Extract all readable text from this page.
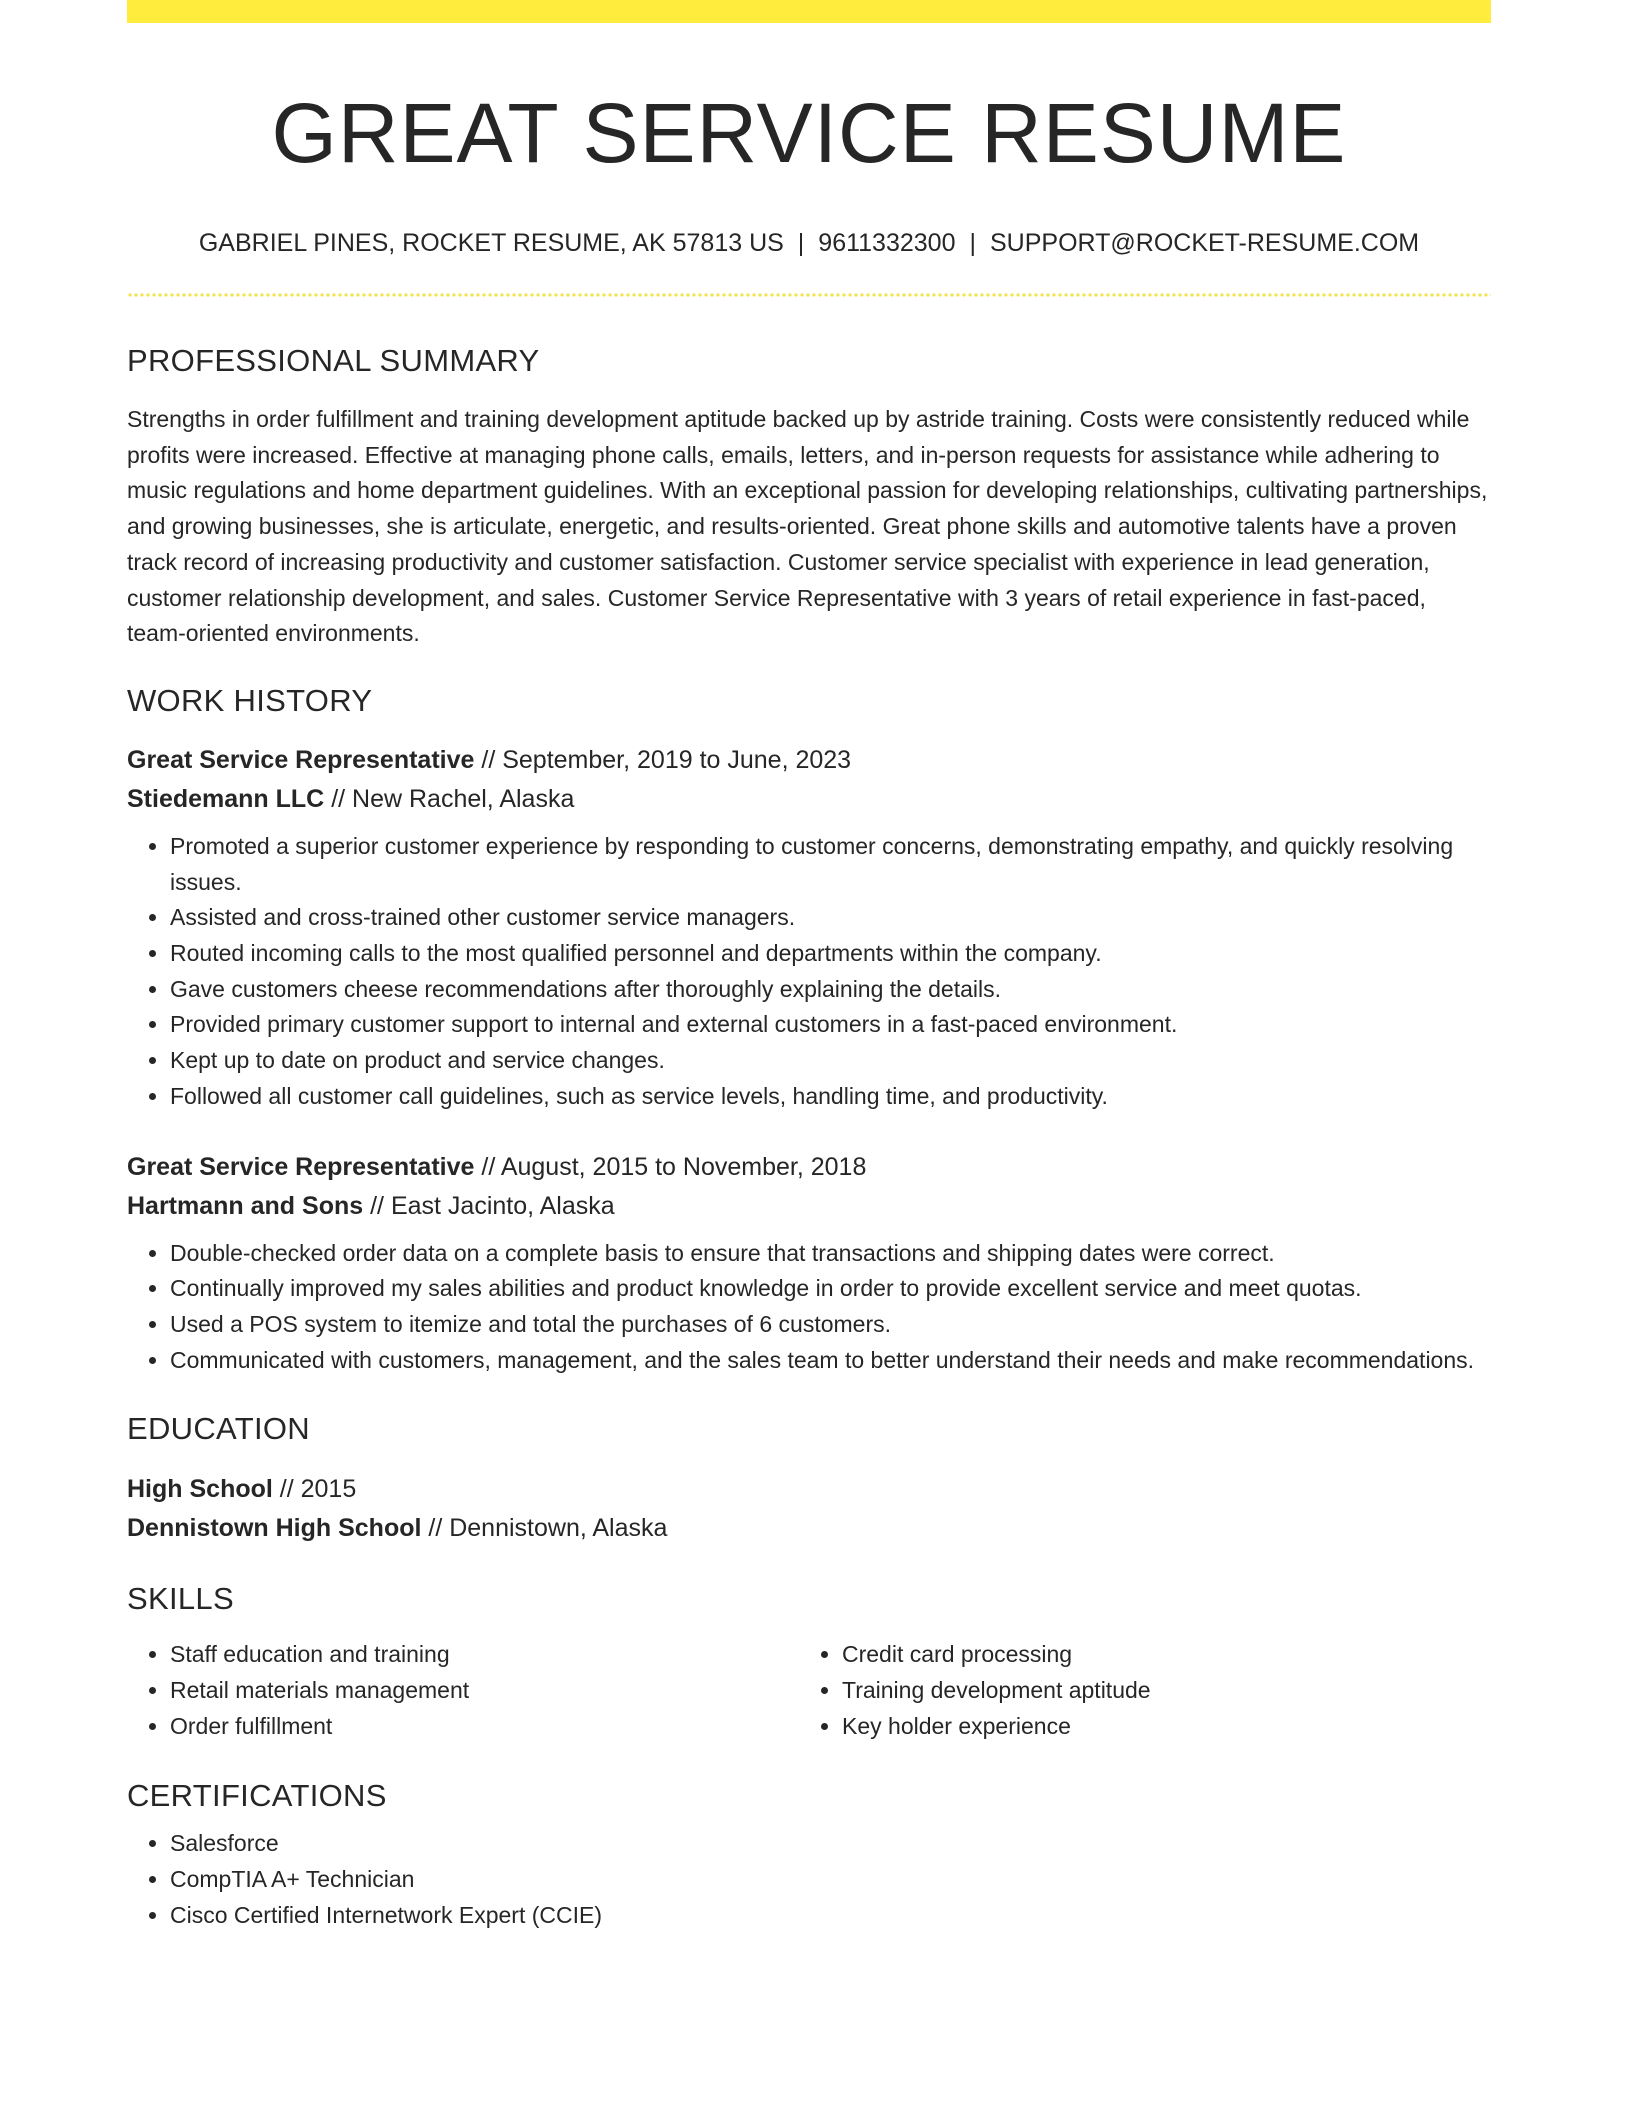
GREAT SERVICE RESUME
GABRIEL PINES, ROCKET RESUME, AK 57813 US | 9611332300 | SUPPORT@ROCKET-RESUME.COM
PROFESSIONAL SUMMARY

Strengths in order fulfillment and training development aptitude backed up by astride training. Costs were consistently reduced while profits were increased. Effective at managing phone calls, emails, letters, and in-person requests for assistance while adhering to music regulations and home department guidelines. With an exceptional passion for developing relationships, cultivating partnerships, and growing businesses, she is articulate, energetic, and results-oriented. Great phone skills and automotive talents have a proven track record of increasing productivity and customer satisfaction. Customer service specialist with experience in lead generation, customer relationship development, and sales. Customer Service Representative with 3 years of retail experience in fast-paced, team-oriented environments.

WORK HISTORY
Great Service Representative // September, 2019 to June, 2023
Stiedemann LLC // New Rachel, Alaska
• Promoted a superior customer experience by responding to customer concerns, demonstrating empathy, and quickly resolving issues.
• Assisted and cross-trained other customer service managers.
• Routed incoming calls to the most qualified personnel and departments within the company.
• Gave customers cheese recommendations after thoroughly explaining the details.
• Provided primary customer support to internal and external customers in a fast-paced environment.
• Kept up to date on product and service changes.
• Followed all customer call guidelines, such as service levels, handling time, and productivity.
Great Service Representative // August, 2015 to November, 2018
Hartmann and Sons // East Jacinto, Alaska
• Double-checked order data on a complete basis to ensure that transactions and shipping dates were correct.
• Continually improved my sales abilities and product knowledge in order to provide excellent service and meet quotas.
• Used a POS system to itemize and total the purchases of 6 customers.
• Communicated with customers, management, and the sales team to better understand their needs and make recommendations.
EDUCATION
High School // 2015
Dennistown High School // Dennistown, Alaska
SKILLS
• Staff education and training
• Retail materials management
• Order fulfillment
• Credit card processing
• Training development aptitude
• Key holder experience
CERTIFICATIONS
• Salesforce
• CompTIA A+ Technician
• Cisco Certified Internetwork Expert (CCIE)
